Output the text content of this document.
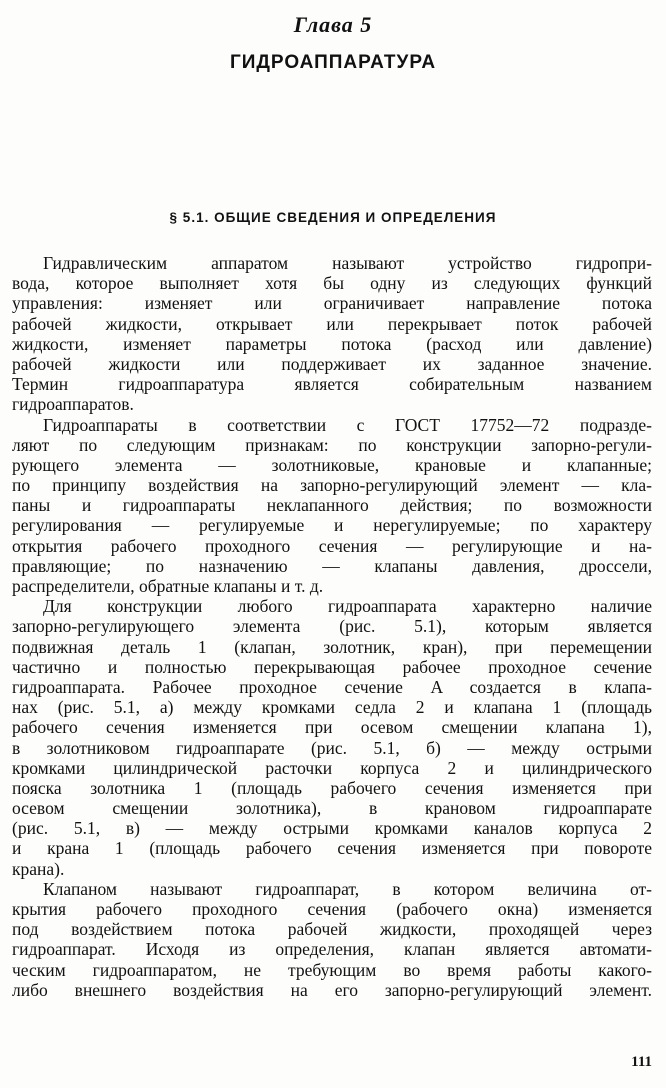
Глава 5
ГИДРОАППАРАТУРА
§ 5.1. ОБЩИЕ СВЕДЕНИЯ И ОПРЕДЕЛЕНИЯ
Гидравлическим аппаратом называют устройство гидропри-
вода, которое выполняет хотя бы одну из следующих функций
управления: изменяет или ограничивает направление потока
рабочей жидкости, открывает или перекрывает поток рабочей
жидкости, изменяет параметры потока (расход или давление)
рабочей жидкости или поддерживает их заданное значение.
Термин гидроаппаратура является собирательным названием
гидроаппаратов.
Гидроаппараты в соответствии с ГОСТ 17752—72 подразде-
ляют по следующим признакам: по конструкции запорно-регули-
рующего элемента — золотниковые, крановые и клапанные;
по принципу воздействия на запорно-регулирующий элемент — кла-
паны и гидроаппараты неклапанного действия; по возможности
регулирования — регулируемые и нерегулируемые; по характеру
открытия рабочего проходного сечения — регулирующие и на-
правляющие; по назначению — клапаны давления, дроссели,
распределители, обратные клапаны и т. д.
Для конструкции любого гидроаппарата характерно наличие
запорно-регулирующего элемента (рис. 5.1), которым является
подвижная деталь 1 (клапан, золотник, кран), при перемещении
частично и полностью перекрывающая рабочее проходное сечение
гидроаппарата. Рабочее проходное сечение A создается в клапа-
нах (рис. 5.1, а) между кромками седла 2 и клапана 1 (площадь
рабочего сечения изменяется при осевом смещении клапана 1),
в золотниковом гидроаппарате (рис. 5.1, б) — между острыми
кромками цилиндрической расточки корпуса 2 и цилиндрического
пояска золотника 1 (площадь рабочего сечения изменяется при
осевом смещении золотника), в крановом гидроаппарате
(рис. 5.1, в) — между острыми кромками каналов корпуса 2
и крана 1 (площадь рабочего сечения изменяется при повороте
крана).
Клапаном называют гидроаппарат, в котором величина от-
крытия рабочего проходного сечения (рабочего окна) изменяется
под воздействием потока рабочей жидкости, проходящей через
гидроаппарат. Исходя из определения, клапан является автомати-
ческим гидроаппаратом, не требующим во время работы какого-
либо внешнего воздействия на его запорно-регулирующий элемент.
111
